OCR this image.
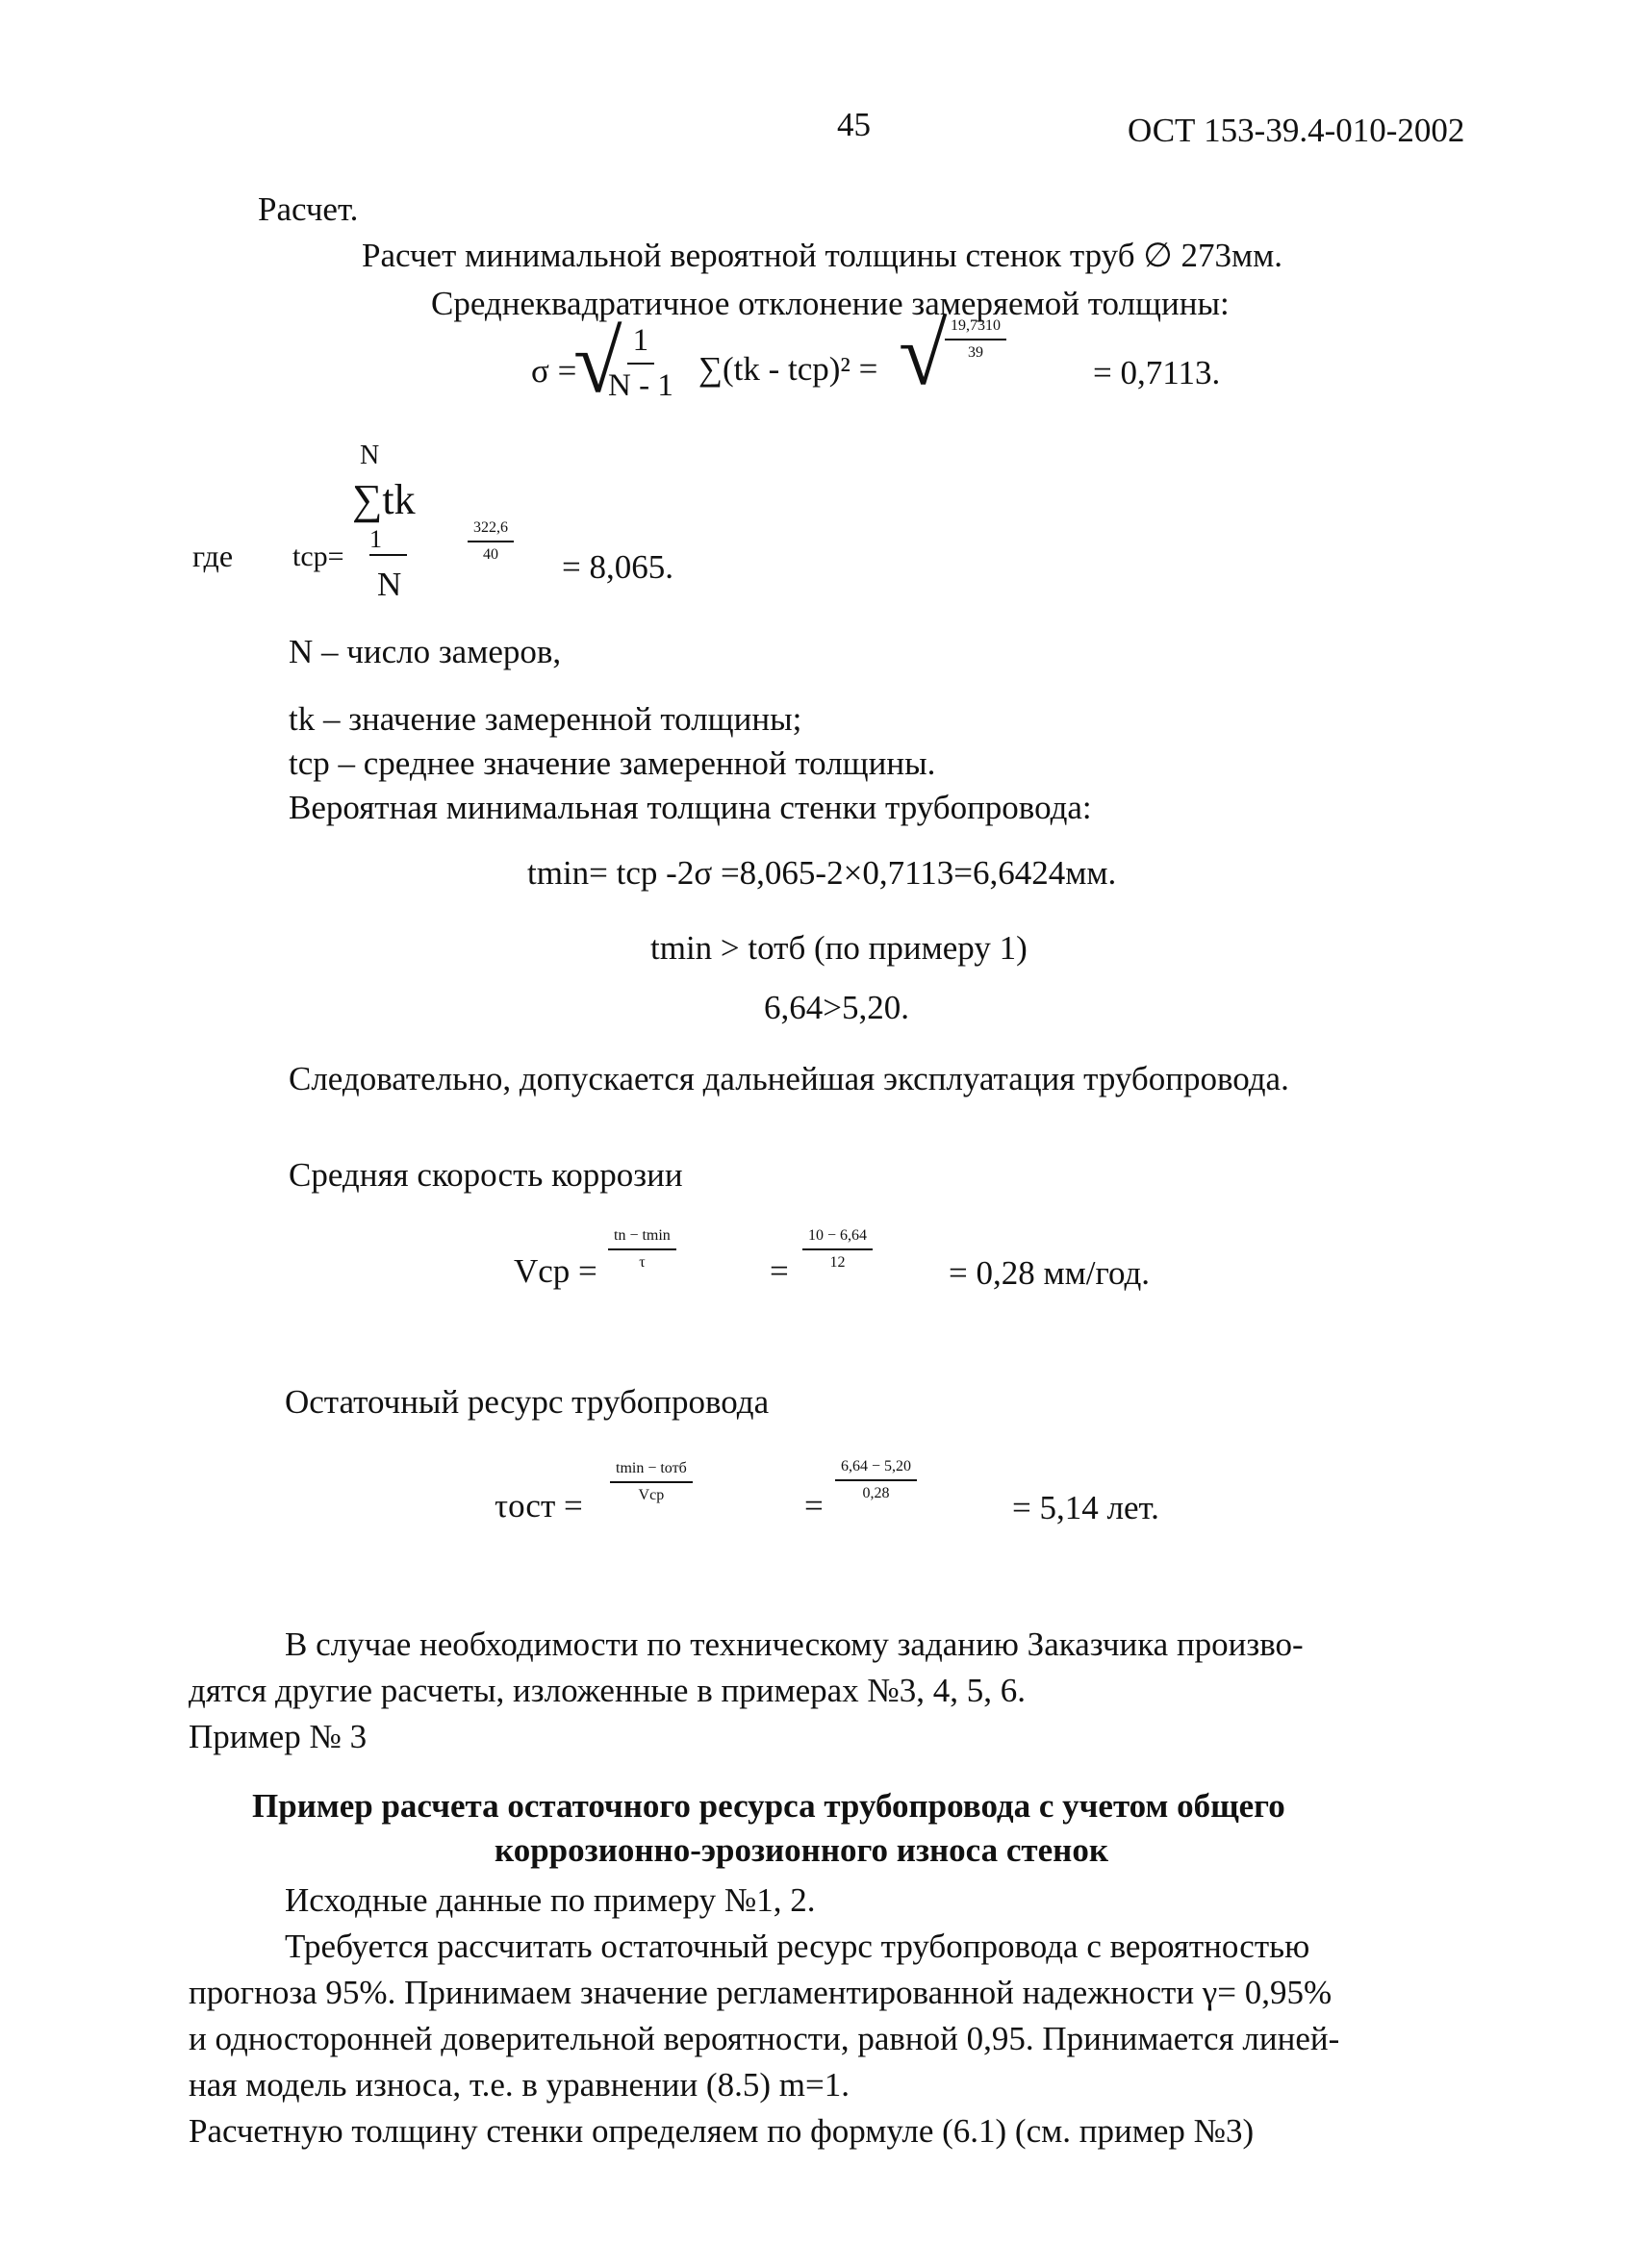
45	ОСТ 153-39.4-010-2002
Расчет.
Расчет минимальной вероятной толщины стенок труб ∅ 273мм.
Среднеквадратичное отклонение замеряемой толщины:
σ =
√
$\frac{1}{N - 1} \sum(tk - tср)^2$ = √
$\frac{19,7310}{39}$
= 0,7113.
где
N
∑tk
tср=
1
N
$\frac{322,6}{40}$
= 8,065.
N – число замеров,
tk – значение замеренной толщины;
tср – среднее значение замеренной толщины.
Вероятная минимальная толщина стенки трубопровода:
tmin= tср -2σ =8,065-2×0,7113=6,6424мм.
tmin > tотб (по примеру 1)
6,64>5,20.
Следовательно, допускается дальнейшая эксплуатация трубопровода.
Средняя скорость коррозии
Vср =
tn − tmin
τ	= $\frac{10 - 6,64}{12}$
= 0,28 мм/год.
Остаточный ресурс трубопровода
τост =
tmin − tотб
Vср	=
$\frac{6,64 - 5,20}{0,28}$
= 5,14 лет.
В случае необходимости по техническому заданию Заказчика произво-
дятся другие расчеты, изложенные в примерах №3, 4, 5, 6.
Пример № 3
Пример расчета остаточного ресурса трубопровода с учетом общего
коррозионно-эрозионного износа стенок
Исходные данные по примеру №1, 2.
Требуется рассчитать остаточный ресурс трубопровода с вероятностью
прогноза 95%. Принимаем значение регламентированной надежности γ= 0,95%
и односторонней доверительной вероятности, равной 0,95. Принимается линей-
ная модель износа, т.е. в уравнении (8.5) m=1.
Расчетную толщину стенки определяем по формуле (6.1) (см. пример №3)
